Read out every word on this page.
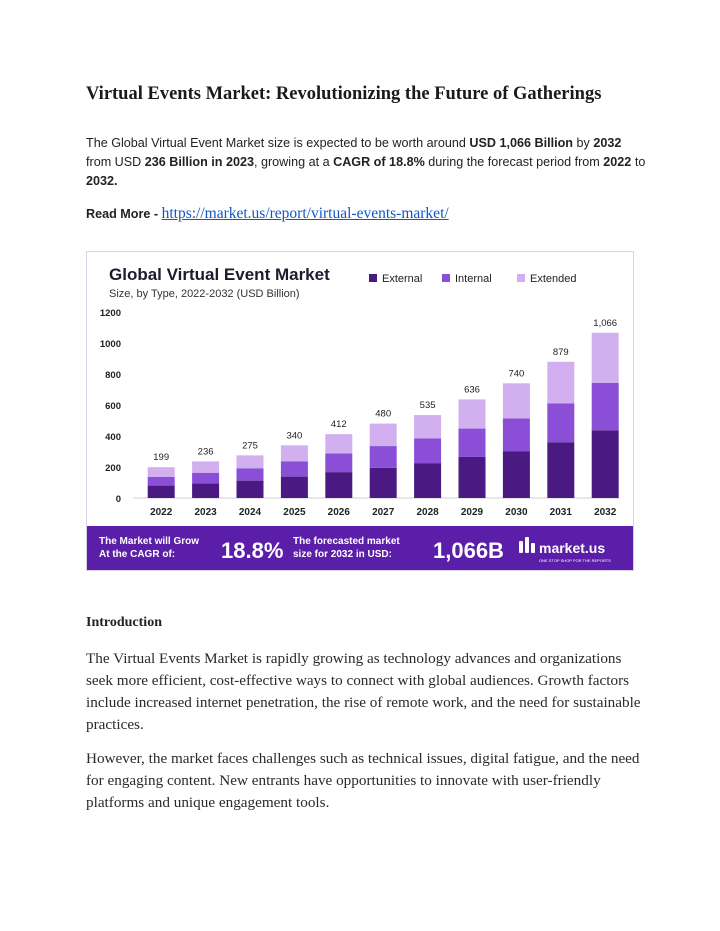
Virtual Events Market: Revolutionizing the Future of Gatherings
The Global Virtual Event Market size is expected to be worth around USD 1,066 Billion by 2032 from USD 236 Billion in 2023, growing at a CAGR of 18.8% during the forecast period from 2022 to 2032.
Read More - https://market.us/report/virtual-events-market/
Global Virtual Event Market
Size, by Type, 2022-2032 (USD Billion)
External	Internal	Extended
1200
1000
800
600
400
200
0
199
236
275
340
412
480
535
636
740
879
1,066
2022 2023 2024 2025 2026 2027 2028 2029 2030 2031 2032
The Market will Grow At the CAGR of:	18.8% The forecasted market size for 2032 in USD:	1,066B	market.us
ONE STOP SHOP FOR THE REPORTS
Introduction
The Virtual Events Market is rapidly growing as technology advances and organizations seek more efficient, cost-effective ways to connect with global audiences. Growth factors include increased internet penetration, the rise of remote work, and the need for sustainable practices.
However, the market faces challenges such as technical issues, digital fatigue, and the need for engaging content. New entrants have opportunities to innovate with user-friendly platforms and unique engagement tools.
